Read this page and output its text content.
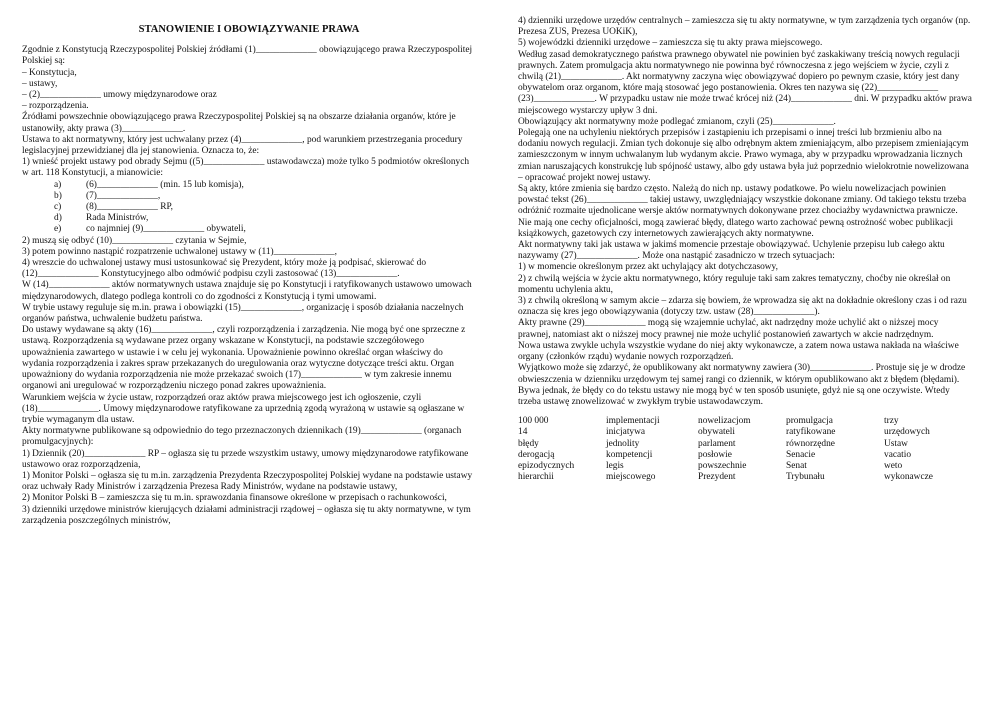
STANOWIENIE I OBOWIĄZYWANIE PRAWA
Zgodnie z Konstytucją Rzeczypospolitej Polskiej źródłami (1)_____________ obowiązującego prawa Rzeczypospolitej Polskiej są:
– Konstytucja,
– ustawy,
– (2)_____________ umowy międzynarodowe oraz
– rozporządzenia.
Źródłami powszechnie obowiązującego prawa Rzeczypospolitej Polskiej są na obszarze działania organów, które je ustanowiły, akty prawa (3)_____________.
Ustawa to akt normatywny, który jest uchwalany przez (4)_____________, pod warunkiem przestrzegania procedury legislacyjnej przewidzianej dla jej stanowienia. Oznacza to, że:
1) wnieść projekt ustawy pod obrady Sejmu ((5)_____________ ustawodawcza) może tylko 5 podmiotów określonych w art. 118 Konstytucji, a mianowicie:
a)	(6)_____________ (min. 15 lub komisja),
b)	(7)_____________,
c)	(8)_____________ RP,
d)	Rada Ministrów,
e)	co najmniej (9)_____________ obywateli,
2) muszą się odbyć (10)_____________ czytania w Sejmie,
3) potem powinno nastąpić rozpatrzenie uchwalonej ustawy w (11)_____________,
4) wreszcie do uchwalonej ustawy musi ustosunkować się Prezydent, który może ją podpisać, skierować do (12)_____________ Konstytucyjnego albo odmówić podpisu czyli zastosować (13)_____________.
W (14)_____________ aktów normatywnych ustawa znajduje się po Konstytucji i ratyfikowanych ustawowo umowach międzynarodowych, dlatego podlega kontroli co do zgodności z Konstytucją i tymi umowami.
W trybie ustawy reguluje się m.in. prawa i obowiązki (15)_____________, organizację i sposób działania naczelnych organów państwa, uchwalenie budżetu państwa.
Do ustawy wydawane są akty (16)_____________, czyli rozporządzenia i zarządzenia. Nie mogą być one sprzeczne z ustawą. Rozporządzenia są wydawane przez organy wskazane w Konstytucji, na podstawie szczegółowego upoważnienia zawartego w ustawie i w celu jej wykonania. Upoważnienie powinno określać organ właściwy do wydania rozporządzenia i zakres spraw przekazanych do uregulowania oraz wytyczne dotyczące treści aktu. Organ upoważniony do wydania rozporządzenia nie może przekazać swoich (17)_____________ w tym zakresie innemu organowi ani uregulować w rozporządzeniu niczego ponad zakres upoważnienia.
Warunkiem wejścia w życie ustaw, rozporządzeń oraz aktów prawa miejscowego jest ich ogłoszenie, czyli (18)_____________. Umowy międzynarodowe ratyfikowane za uprzednią zgodą wyrażoną w ustawie są ogłaszane w trybie wymaganym dla ustaw.
Akty normatywne publikowane są odpowiednio do tego przeznaczonych dziennikach (19)_____________ (organach promulgacyjnych):
1) Dziennik (20)_____________ RP – ogłasza się tu przede wszystkim ustawy, umowy międzynarodowe ratyfikowane ustawowo oraz rozporządzenia,
1) Monitor Polski – ogłasza się tu m.in. zarządzenia Prezydenta Rzeczypospolitej Polskiej wydane na podstawie ustawy oraz uchwały Rady Ministrów i zarządzenia Prezesa Rady Ministrów, wydane na podstawie ustawy,
2) Monitor Polski B – zamieszcza się tu m.in. sprawozdania finansowe określone w przepisach o rachunkowości,
3) dzienniki urzędowe ministrów kierujących działami administracji rządowej – ogłasza się tu akty normatywne, w tym zarządzenia poszczególnych ministrów,
4) dzienniki urzędowe urzędów centralnych – zamieszcza się tu akty normatywne, w tym zarządzenia tych organów (np. Prezesa ZUS, Prezesa UOKiK),
5) wojewódzki dzienniki urzędowe – zamieszcza się tu akty prawa miejscowego.
Według zasad demokratycznego państwa prawnego obywatel nie powinien być zaskakiwany treścią nowych regulacji prawnych. Zatem promulgacja aktu normatywnego nie powinna być równoczesna z jego wejściem w życie, czyli z chwilą (21)_____________. Akt normatywny zaczyna więc obowiązywać dopiero po pewnym czasie, który jest dany obywatelom oraz organom, które mają stosować jego postanowienia. Okres ten nazywa się (22)_____________ (23)_____________. W przypadku ustaw nie może trwać krócej niż (24)_____________ dni. W przypadku aktów prawa miejscowego wystarczy upływ 3 dni.
Obowiązujący akt normatywny może podlegać zmianom, czyli (25)_____________.
Polegają one na uchyleniu niektórych przepisów i zastąpieniu ich przepisami o innej treści lub brzmieniu albo na dodaniu nowych regulacji. Zmian tych dokonuje się albo odrębnym aktem zmieniającym, albo przepisem zmieniającym zamieszczonym w innym uchwalanym lub wydanym akcie. Prawo wymaga, aby w przypadku wprowadzania licznych zmian naruszających konstrukcję lub spójność ustawy, albo gdy ustawa była już poprzednio wielokrotnie nowelizowana – opracować projekt nowej ustawy.
Są akty, które zmienia się bardzo często. Należą do nich np. ustawy podatkowe. Po wielu nowelizacjach powinien powstać tekst (26)_____________ takiej ustawy, uwzględniający wszystkie dokonane zmiany. Od takiego tekstu trzeba odróżnić rozmaite ujednolicane wersje aktów normatywnych dokonywane przez chociażby wydawnictwa prawnicze. Nie mają one cechy oficjalności, mogą zawierać błędy, dlatego warto zachować pewną ostrożność wobec publikacji książkowych, gazetowych czy internetowych zawierających akty normatywne.
Akt normatywny taki jak ustawa w jakimś momencie przestaje obowiązywać. Uchylenie przepisu lub całego aktu nazywamy (27)_____________. Może ona nastąpić zasadniczo w trzech sytuacjach:
1) w momencie określonym przez akt uchylający akt dotychczasowy,
2) z chwilą wejścia w życie aktu normatywnego, który reguluje taki sam zakres tematyczny, choćby nie określał on momentu uchylenia aktu,
3) z chwilą określoną w samym akcie – zdarza się bowiem, że wprowadza się akt na dokładnie określony czas i od razu oznacza się kres jego obowiązywania (dotyczy tzw. ustaw (28)_____________).
Akty prawne (29)_____________ mogą się wzajemnie uchylać, akt nadrzędny może uchylić akt o niższej mocy prawnej, natomiast akt o niższej mocy prawnej nie może uchylić postanowień zawartych w akcie nadrzędnym.
Nowa ustawa zwykle uchyla wszystkie wydane do niej akty wykonawcze, a zatem nowa ustawa nakłada na właściwe organy (członków rządu) wydanie nowych rozporządzeń.
Wyjątkowo może się zdarzyć, że opublikowany akt normatywny zawiera (30)_____________. Prostuje się je w drodze obwieszczenia w dzienniku urzędowym tej samej rangi co dziennik, w którym opublikowano akt z błędem (błędami). Bywa jednak, że błędy co do tekstu ustawy nie mogą być w ten sposób usunięte, gdyż nie są one oczywiste. Wtedy trzeba ustawę znowelizować w zwykłym trybie ustawodawczym.
100 000	implementacji	nowelizacjom	promulgacja	trzy
14	inicjatywa	obywateli	ratyfikowane	urzędowych
błędy	jednolity	parlament	równorzędne	Ustaw
derogacją	kompetencji	posłowie	Senacie	vacatio
epizodycznych	legis	powszechnie	Senat	weto
hierarchii	miejscowego	Prezydent	Trybunału	wykonawcze
